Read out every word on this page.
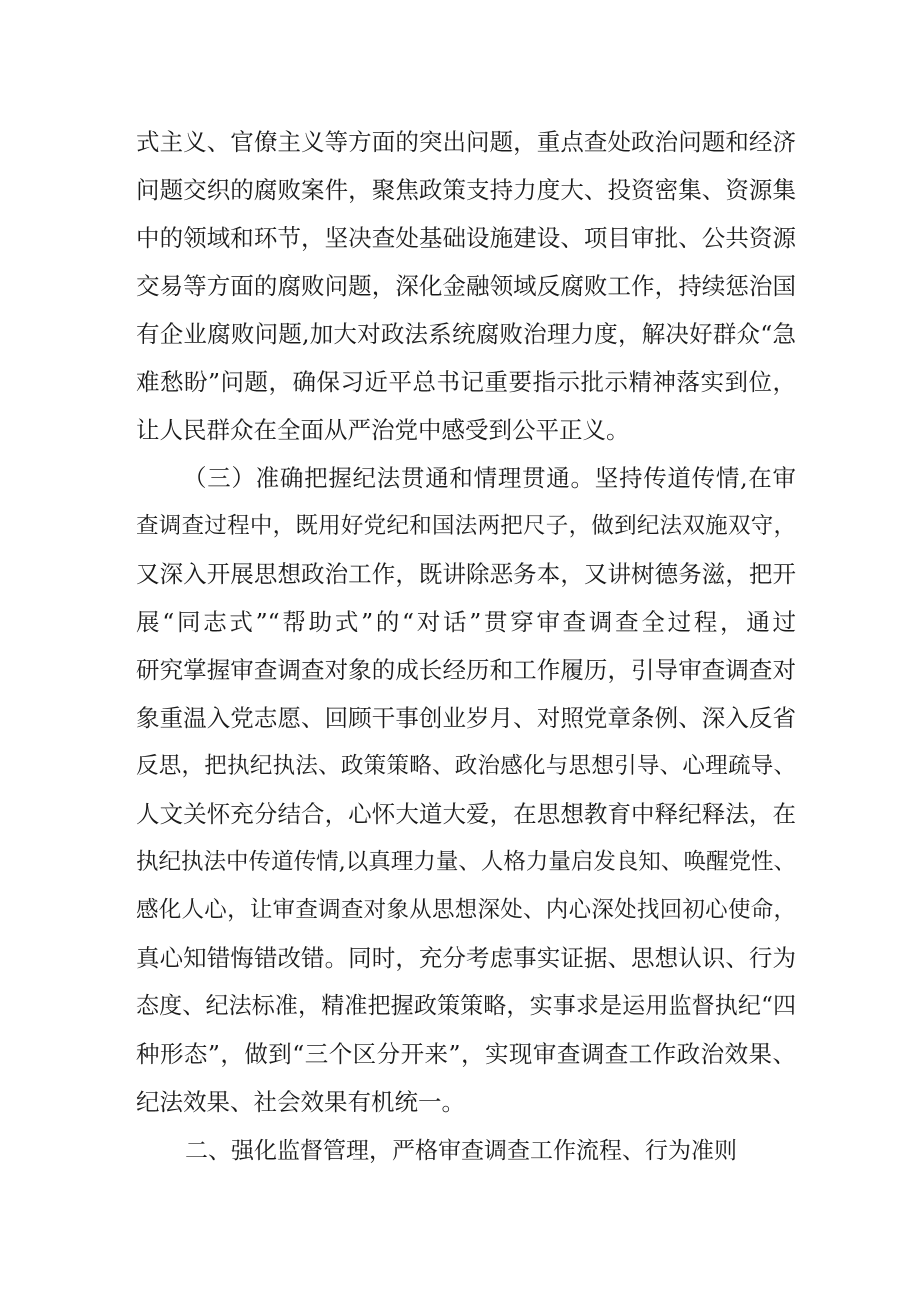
式主义、官僚主义等方面的突出问题，重点查处政治问题和经济
问题交织的腐败案件，聚焦政策支持力度大、投资密集、资源集
中的领域和环节，坚决查处基础设施建设、项目审批、公共资源
交易等方面的腐败问题，深化金融领域反腐败工作，持续惩治国
有企业腐败问题,加大对政法系统腐败治理力度，解决好群众“急
难愁盼”问题，确保习近平总书记重要指示批示精神落实到位，
让人民群众在全面从严治党中感受到公平正义。
（三）准确把握纪法贯通和情理贯通。坚持传道传情,在审
查调查过程中，既用好党纪和国法两把尺子，做到纪法双施双守，
又深入开展思想政治工作，既讲除恶务本，又讲树德务滋，把开
展“同志式”“帮助式”的“对话”贯穿审查调查全过程，通过
研究掌握审查调查对象的成长经历和工作履历，引导审查调查对
象重温入党志愿、回顾干事创业岁月、对照党章条例、深入反省
反思，把执纪执法、政策策略、政治感化与思想引导、心理疏导、
人文关怀充分结合，心怀大道大爱，在思想教育中释纪释法，在
执纪执法中传道传情,以真理力量、人格力量启发良知、唤醒党性、
感化人心，让审查调查对象从思想深处、内心深处找回初心使命，
真心知错悔错改错。同时，充分考虑事实证据、思想认识、行为
态度、纪法标准，精准把握政策策略，实事求是运用监督执纪“四
种形态”，做到“三个区分开来”，实现审查调查工作政治效果、
纪法效果、社会效果有机统一。
二、强化监督管理，严格审查调查工作流程、行为准则
